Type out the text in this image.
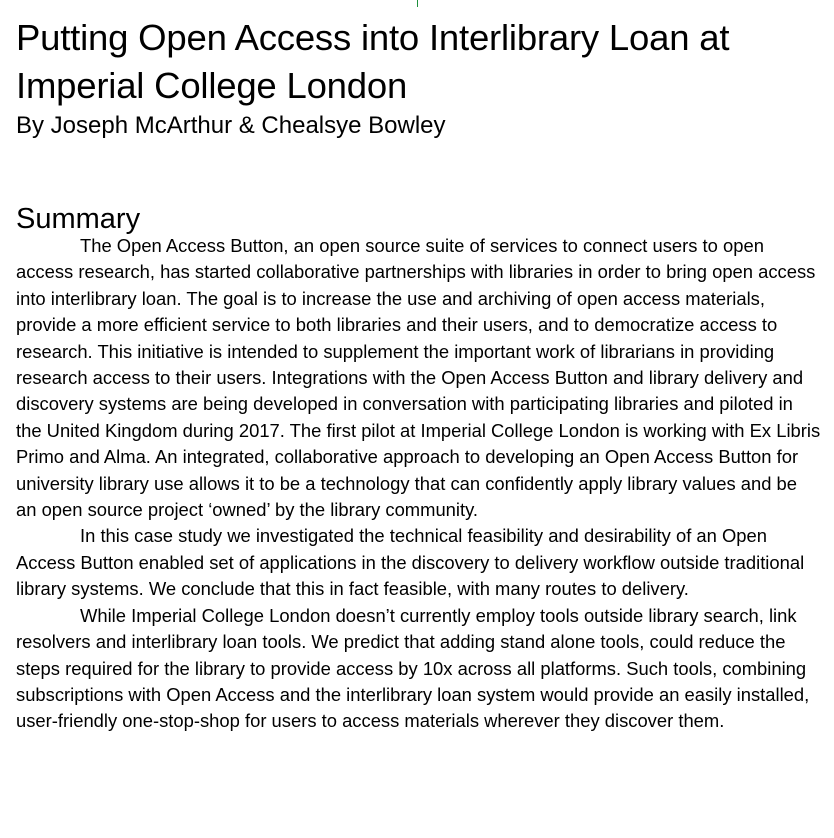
Putting Open Access into Interlibrary Loan at Imperial College London

By Joseph McArthur & Chealsye Bowley

Summary

The Open Access Button, an open source suite of services to connect users to open access research, has started collaborative partnerships with libraries in order to bring open access into interlibrary loan. The goal is to increase the use and archiving of open access materials, provide a more efficient service to both libraries and their users, and to democratize access to research. This initiative is intended to supplement the important work of librarians in providing research access to their users. Integrations with the Open Access Button and library delivery and discovery systems are being developed in conversation with participating libraries and piloted in the United Kingdom during 2017. The first pilot at Imperial College London is working with Ex Libris Primo and Alma. An integrated, collaborative approach to developing an Open Access Button for university library use allows it to be a technology that can confidently apply library values and be an open source project ‘owned’ by the library community.

In this case study we investigated the technical feasibility and desirability of an Open Access Button enabled set of applications in the discovery to delivery workflow outside traditional library systems. We conclude that this in fact feasible, with many routes to delivery.

While Imperial College London doesn’t currently employ tools outside library search, link resolvers and interlibrary loan tools. We predict that adding stand alone tools, could reduce the steps required for the library to provide access by 10x across all platforms. Such tools, combining subscriptions with Open Access and the interlibrary loan system would provide an easily installed, user-friendly one-stop-shop for users to access materials wherever they discover them.
